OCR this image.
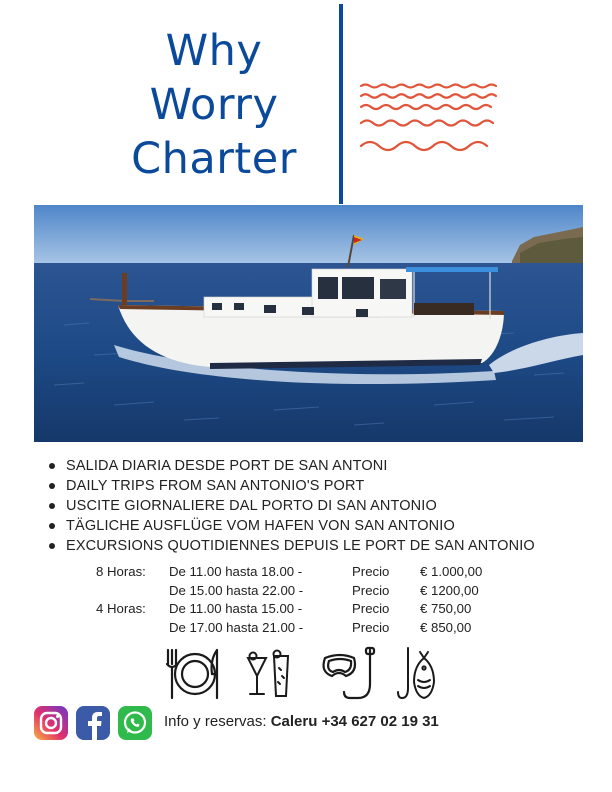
Why
Worry
Charter
SALIDA DIARIA DESDE PORT DE SAN ANTONI
DAILY TRIPS FROM SAN ANTONIO'S PORT
USCITE GIORNALIERE DAL PORTO DI SAN ANTONIO
TÄGLICHE AUSFLÜGE VOM HAFEN VON SAN ANTONIO
EXCURSIONS QUOTIDIENNES DEPUIS LE PORT DE SAN ANTONIO
8 Horas: De 11.00 hasta 18.00 -	Precio € 1.000,00
De 15.00 hasta 22.00 -	Precio € 1200,00
4 Horas: De 11.00 hasta 15.00 -	Precio € 750,00
De 17.00 hasta 21.00 -	Precio € 850,00
Info y reservas: Caleru +34 627 02 19 31
